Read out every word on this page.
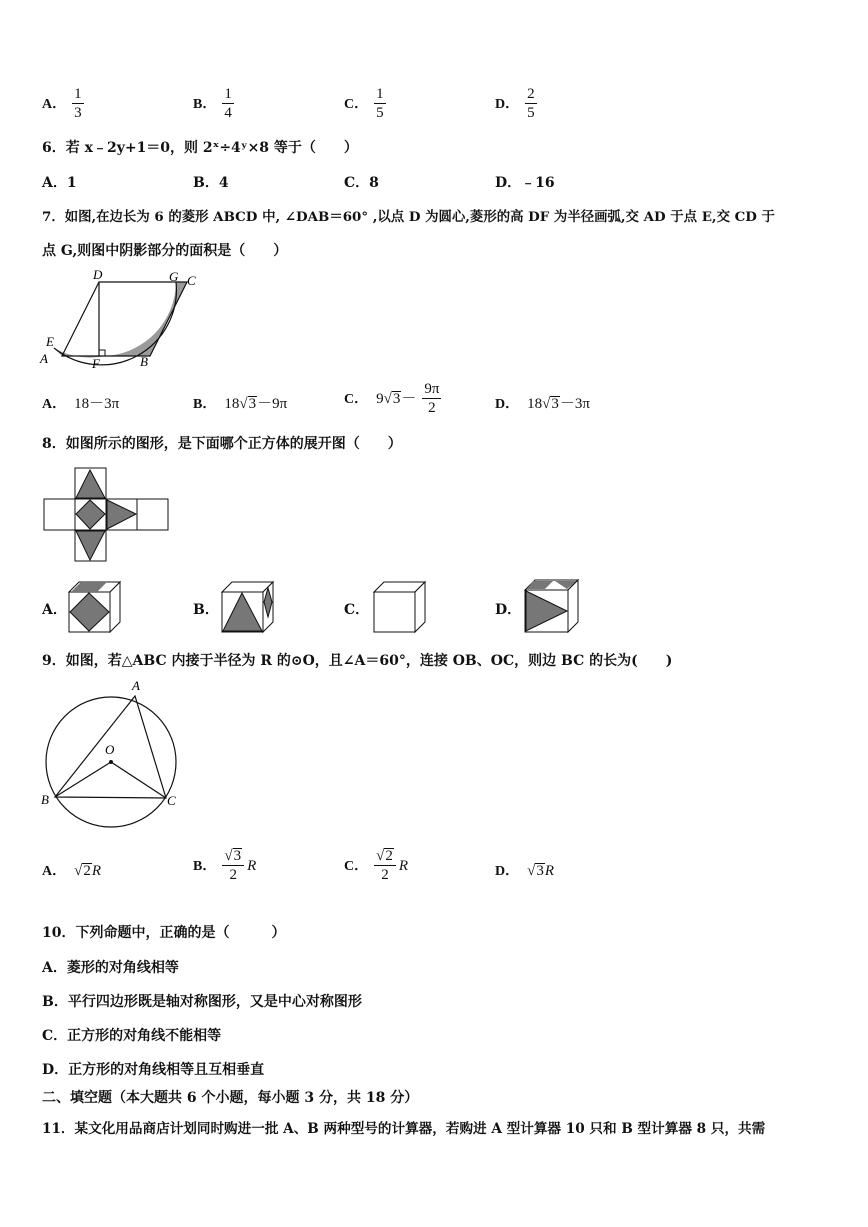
A． $\frac{1}{3}$	B． $\frac{1}{4}$	C． $\frac{1}{5}$	D． $\frac{2}{5}$
6．若 x﹣2y+1＝0，则 2ˣ÷4ʸ×8 等于（　　）
A．1	B．4	C．8	D．﹣16
7．如图,在边长为 6 的菱形 ABCD 中, ∠DAB＝60° ,以点 D 为圆心,菱形的高 DF 为半径画弧,交 AD 于点 E,交 CD 于
点 G,则图中阴影部分的面积是（　　）
D	G C
E
A	F	B
A． 18－3π	B． 18√3－9π	C． $9√3- \frac{9\pi}{2}$	D． 18√3－3π
8．如图所示的图形，是下面哪个正方体的展开图（　　）
A．	B．	C．	D．
9．如图，若△ABC 内接于半径为 R 的⊙O，且∠A＝60°，连接 OB、OC，则边 BC 的长为(　　)
A
O
B	C
A． √2R	B． $\frac{√3}{2}$ R	C． $\frac{√2}{2}$ R	D． √3R
10．下列命题中，正确的是（　　　）
A．菱形的对角线相等
B．平行四边形既是轴对称图形，又是中心对称图形
C．正方形的对角线不能相等
D．正方形的对角线相等且互相垂直
二、填空题（本大题共 6 个小题，每小题 3 分，共 18 分）
11．某文化用品商店计划同时购进一批 A、B 两种型号的计算器，若购进 A 型计算器 10 只和 B 型计算器 8 只，共需
